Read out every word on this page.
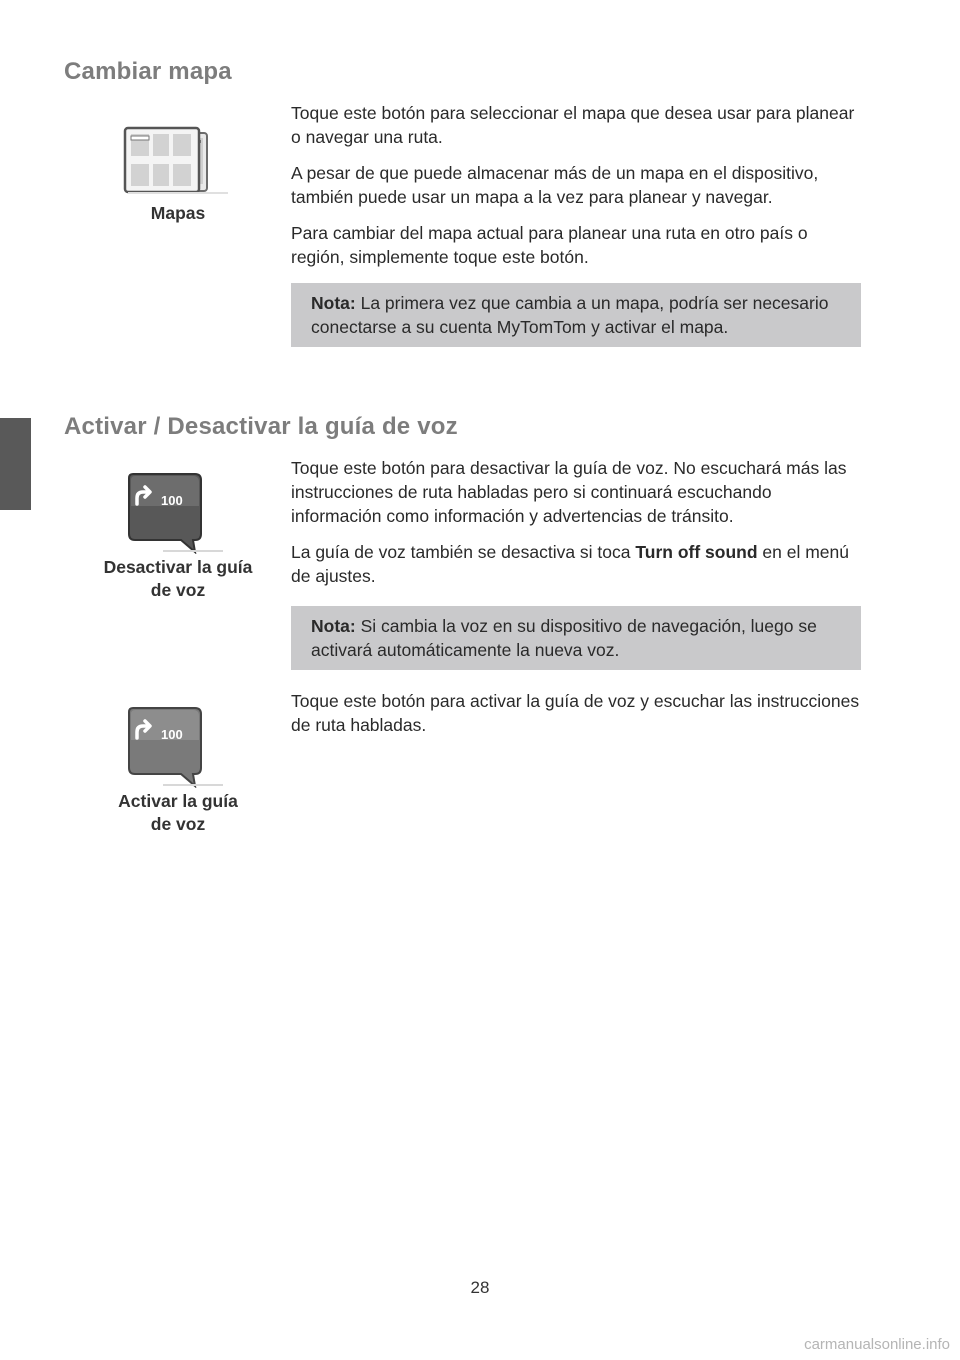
Cambiar mapa
Mapas

Toque este botón para seleccionar el mapa que desea usar para planear o navegar una ruta.

A pesar de que puede almacenar más de un mapa en el dispositivo, también puede usar un mapa a la vez para planear y navegar.

Para cambiar del mapa actual para planear una ruta en otro país o región, simplemente toque este botón.

Nota: La primera vez que cambia a un mapa, podría ser necesario conectarse a su cuenta MyTomTom y activar el mapa.

Activar / Desactivar la guía de voz
100
Desactivar la guía
de voz

Toque este botón para desactivar la guía de voz. No escuchará más las instrucciones de ruta habladas pero si continuará escuchando información como información y advertencias de tránsito.

La guía de voz también se desactiva si toca Turn off sound en el menú de ajustes.

Nota: Si cambia la voz en su dispositivo de navegación, luego se activará automáticamente la nueva voz.

100
Activar la guía
de voz

Toque este botón para activar la guía de voz y escuchar las instrucciones de ruta habladas.

28
carmanualsonline.info
